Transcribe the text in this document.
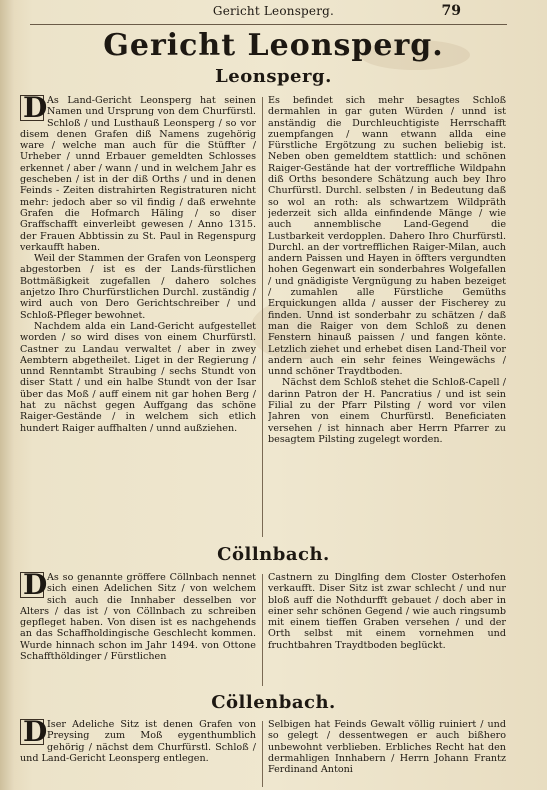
Gericht Leonsperg.	79
Gericht Leonsperg.
Leonsperg.

D As Land-Gericht Leonsperg hat seinen Namen und Ursprung von dem Churfürstl. Schloß / und Lusthauß Leonsperg / so vor disem denen Grafen diß Namens zugehörig ware / welche man auch für die Stüffter / Urheber / unnd Erbauer gemeldten Schlosses erkennet / aber / wann / und in welchem Jahr es gescheben / ist in der diß Orths / und in denen Feinds - Zeiten distrahirten Registraturen nicht mehr: jedoch aber so vil findig / daß erwehnte Grafen die Hofmarch Häling / so diser Graffschafft einverleibt gewesen / Anno 1315. der Frauen Abbtissin zu St. Paul in Regenspurg verkaufft haben.

Weil der Stammen der Grafen von Leonsperg abgestorben / ist es der Lands-fürstlichen Bottmäßigkeit zugefallen / dahero solches anjetzo Ihro Churfürstlichen Durchl. zuständig / wird auch von Dero Gerichtschreiber / und Schloß-Pfleger bewohnet.

Nachdem alda ein Land-Gericht aufgestellet worden / so wird dises von einem Churfürstl. Castner zu Landau verwaltet / aber in zwey Aembtern abgetheilet. Liget in der Regierung / unnd Renntambt Straubing / sechs Stundt von diser Statt / und ein halbe Stundt von der Isar über das Moß / auff einem nit gar hohen Berg / hat zu nächst gegen Auffgang das schöne Raiger-Gestände / in welchem sich etlich hundert Raiger auffhalten / unnd außziehen.

Es befindet sich mehr besagtes Schloß dermahlen in gar guten Würden / unnd ist anständig die Durchleuchtigiste Herrschafft zuempfangen / wann etwann allda eine Fürstliche Ergötzung zu suchen beliebig ist. Neben oben gemeldtem stattlich: und schönen Raiger-Gestände hat der vortreffliche Wildpahn diß Orths besondere Schätzung auch bey Ihro Churfürstl. Durchl. selbsten / in Bedeutung daß so wol an roth: als schwartzem Wildpräth jederzeit sich allda einfindende Mänge / wie auch annemblische Land-Gegend die Lustbarkeit verdopplen. Dahero Ihro Churfürstl. Durchl. an der vortrefflichen Raiger-Milan, auch andern Paissen und Hayen in öffters vergundten hohen Gegenwart ein sonderbahres Wolgefallen / und gnädigiste Vergnügung zu haben bezeiget / zumahlen alle Fürstliche Gemüths Erquickungen allda / ausser der Fischerey zu finden. Unnd ist sonderbahr zu schätzen / daß man die Raiger von dem Schloß zu denen Fenstern hinauß paissen / und fangen könte. Letzlich ziehet und erhebet disen Land-Theil vor andern auch ein sehr feines Weingewächs / unnd schöner Traydtboden.

Nächst dem Schloß stehet die Schloß-Capell / darinn Patron der H. Pancratius / und ist sein Filial zu der Pfarr Pilsting / word vor vilen Jahren von einem Churfürstl. Beneficiaten versehen / ist hinnach aber Herrn Pfarrer zu besagtem Pilsting zugelegt worden.

Cöllnbach.

D As so genannte gröffere Cöllnbach nennet sich einen Adelichen Sitz / von welchem sich auch die Innhaber desselben vor Alters / das ist / von Cöllnbach zu schreiben gepfleget haben. Von disen ist es nachgehends an das Schaffholdingische Geschlecht kommen. Wurde hinnach schon im Jahr 1494. von Ottone Schaffthöldinger / Fürstlichen

Castnern zu Dinglfing dem Closter Osterhofen verkaufft. Diser Sitz ist zwar schlecht / und nur bloß auff die Nothdurfft gebauet / doch aber in einer sehr schönen Gegend / wie auch ringsumb mit einem tieffen Graben versehen / und der Orth selbst mit einem vornehmen und fruchtbahren Traydtboden beglückt.

Cöllenbach.

D Iser Adeliche Sitz ist denen Grafen von Preysing zum Moß eygenthumblich gehörig / nächst dem Churfürstl. Schloß / und Land-Gericht Leonsperg entlegen.

Selbigen hat Feinds Gewalt völlig ruiniert / und so gelegt / dessentwegen er auch bißhero unbewohnt verblieben. Erbliches Recht hat den dermahligen Innhabern / Herrn Johann Frantz Ferdinand Antoni
